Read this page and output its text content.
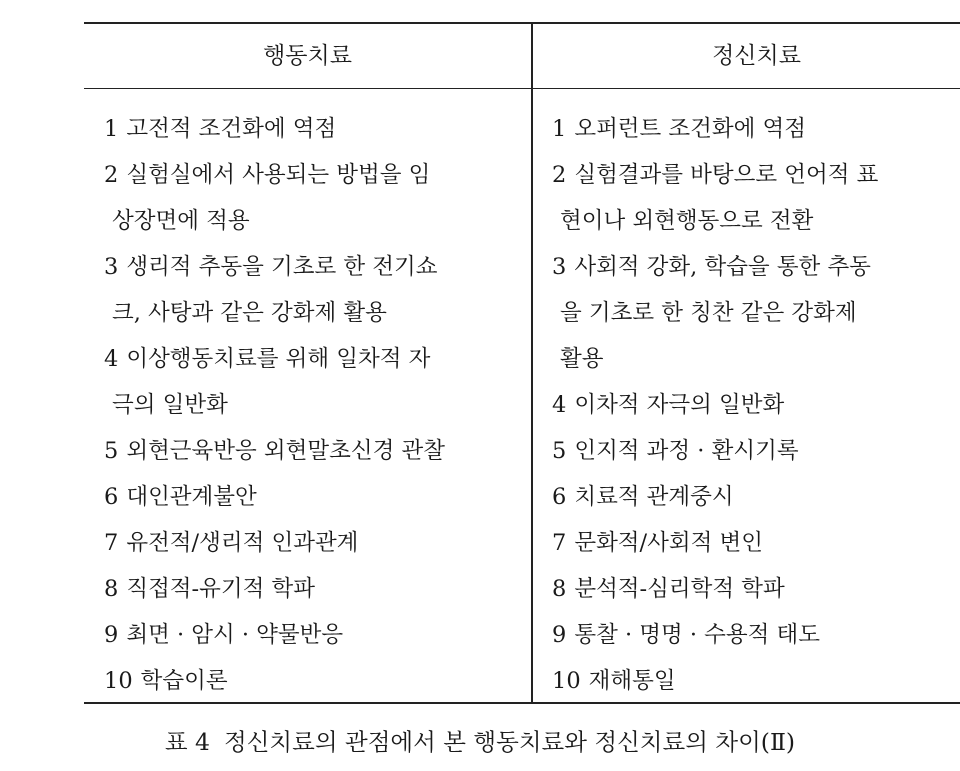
행동치료	정신치료
1 고전적 조건화에 역점
2 실험실에서 사용되는 방법을 임
상장면에 적용
3 생리적 추동을 기초로 한 전기쇼
크, 사탕과 같은 강화제 활용
4 이상행동치료를 위해 일차적 자
극의 일반화
5 외현근육반응 외현말초신경 관찰
6 대인관계불안
7 유전적/생리적 인과관계
8 직접적-유기적 학파
9 최면 · 암시 · 약물반응
10 학습이론
1 오퍼런트 조건화에 역점
2 실험결과를 바탕으로 언어적 표
현이나 외현행동으로 전환
3 사회적 강화, 학습을 통한 추동
을 기초로 한 칭찬 같은 강화제
활용
4 이차적 자극의 일반화
5 인지적 과정 · 환시기록
6 치료적 관계중시
7 문화적/사회적 변인
8 분석적-심리학적 학파
9 통찰 · 명명 · 수용적 태도
10 재해통일
표 4 정신치료의 관점에서 본 행동치료와 정신치료의 차이(Ⅱ)
